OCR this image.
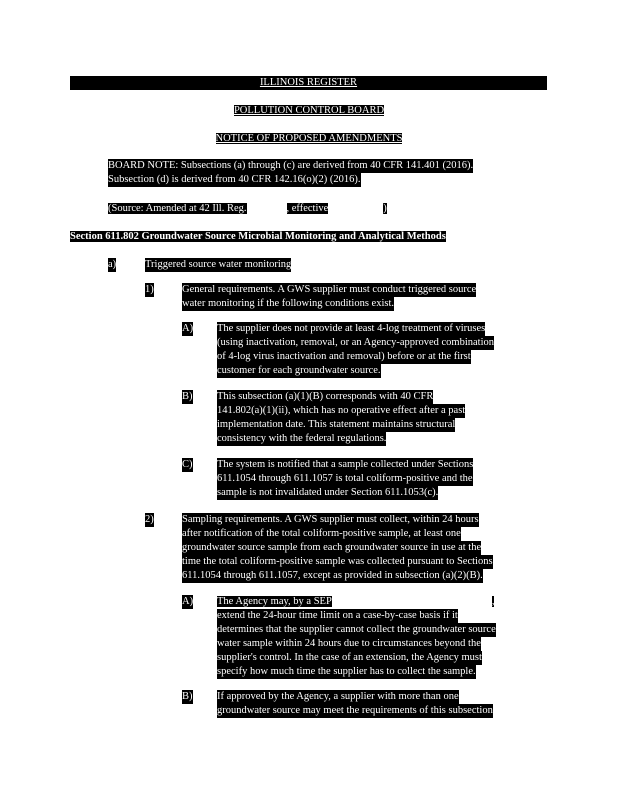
ILLINOIS REGISTER
POLLUTION CONTROL BOARD
NOTICE OF PROPOSED AMENDMENTS
BOARD NOTE: Subsections (a) through (c) are derived from 40 CFR 141.401 (2016).
Subsection (d) is derived from 40 CFR 142.16(o)(2) (2016).
(Source: Amended at 42 Ill. Reg.	, effective	)
Section 611.802 Groundwater Source Microbial Monitoring and Analytical Methods
a)	Triggered source water monitoring
1)	General requirements. A GWS supplier must conduct triggered source
water monitoring if the following conditions exist.
A) The supplier does not provide at least 4-log treatment of viruses
(using inactivation, removal, or an Agency-approved combination
of 4-log virus inactivation and removal) before or at the first
customer for each groundwater source.
B) This subsection (a)(1)(B) corresponds with 40 CFR
141.802(a)(1)(ii), which has no operative effect after a past
implementation date. This statement maintains structural
consistency with the federal regulations.
C) The system is notified that a sample collected under Sections
611.1054 through 611.1057 is total coliform-positive and the
sample is not invalidated under Section 611.1053(c).
2)	Sampling requirements. A GWS supplier must collect, within 24 hours
after notification of the total coliform-positive sample, at least one
groundwater source sample from each groundwater source in use at the
time the total coliform-positive sample was collected pursuant to Sections
611.1054 through 611.1057, except as provided in subsection (a)(2)(B).
A) The Agency may, by a SEP	,
extend the 24-hour time limit on a case-by-case basis if it
determines that the supplier cannot collect the groundwater source
water sample within 24 hours due to circumstances beyond the
supplier's control. In the case of an extension, the Agency must
specify how much time the supplier has to collect the sample.
B) If approved by the Agency, a supplier with more than one
groundwater source may meet the requirements of this subsection
